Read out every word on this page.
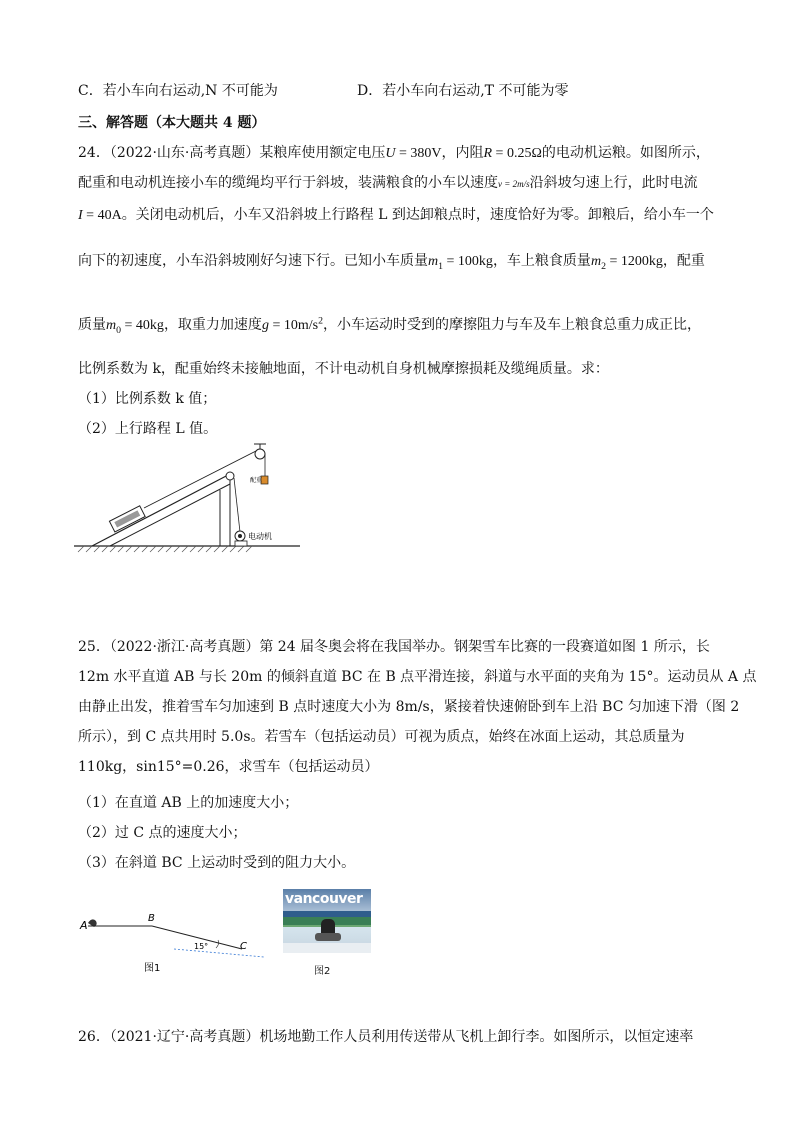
C．若小车向右运动,N 不可能为	D．若小车向右运动,T 不可能为零
三、解答题（本大题共 4 题）
24．（2022·山东·高考真题）某粮库使用额定电压U = 380V，内阻R = 0.25Ω的电动机运粮。如图所示，
配重和电动机连接小车的缆绳均平行于斜坡，装满粮食的小车以速度v = 2m/s沿斜坡匀速上行，此时电流
I = 40A。关闭电动机后，小车又沿斜坡上行路程 L 到达卸粮点时，速度恰好为零。卸粮后，给小车一个
向下的初速度，小车沿斜坡刚好匀速下行。已知小车质量$m_1 = 100kg$，车上粮食质量$m_2 = 1200kg$，配重
质量$m_0 = 40kg$，取重力加速度$g = 10m/s^2$，小车运动时受到的摩擦阻力与车及车上粮食总重力成正比，
比例系数为 k，配重始终未接触地面，不计电动机自身机械摩擦损耗及缆绳质量。求：
（1）比例系数 k 值；
（2）上行路程 L 值。
配重
电动机
25．（2022·浙江·高考真题）第 24 届冬奥会将在我国举办。钢架雪车比赛的一段赛道如图 1 所示，长
12m 水平直道 AB 与长 20m 的倾斜直道 BC 在 B 点平滑连接，斜道与水平面的夹角为 15°。运动员从 A 点
由静止出发，推着雪车匀加速到 B 点时速度大小为 8m/s，紧接着快速俯卧到车上沿 BC 匀加速下滑（图 2
所示），到 C 点共用时 5.0s。若雪车（包括运动员）可视为质点，始终在冰面上运动，其总质量为
110kg，sin15°=0.26，求雪车（包括运动员）
（1）在直道 AB 上的加速度大小；
（2）过 C 点的速度大小；
（3）在斜道 BC 上运动时受到的阻力大小。
A
B
15°	C
图1
vancouver
图2
26．（2021·辽宁·高考真题）机场地勤工作人员利用传送带从飞机上卸行李。如图所示，以恒定速率
